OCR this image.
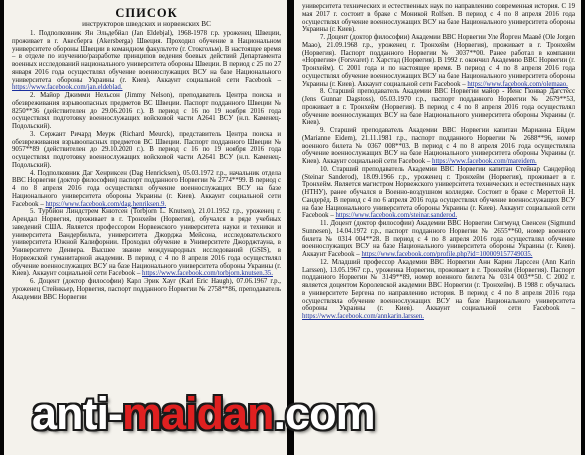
СПИСОК
инструкторов шведских и норвежских ВС

1. Подполковник Ян Эльдебйал (Jan Eldebjal), 1968-1978 г.р. уроженец Швеции, проживает в г. Акесберга (Akersberga) Швеция. Проходил обучение в Национальном университете обороны Швеции в командном факультете (г. Стокгольм). В настоящее время – в отделе по изучению/разработке принципов ведения боевых действий Департамента военных исследований национального университета обороны Швеции. В период с 25 по 27 января 2016 года осуществлял обучение военнослужащих ВСУ на базе Национального университета обороны Украины (г. Киев). Аккаунт социальной сети Facebook – https://www.facebook.com/jan.eldeblad.

2. Майор Джимми Нельсон (Jimmy Nelson), преподаватель Центра поиска и обезвреживания взрывоопасных предметов ВС Швеции. Паспорт подданного Швеции № 8250**36 (действителен до 29.06.2016 г.). В период с 16 по 19 ноября 2016 года осуществлял подготовку военнослужащих войсковой части А2641 ВСУ (н.п. Каменец-Подольский).

3. Сержант Ричард Меурк (Richard Meurck), представитель Центра поиска и обезвреживания взрывоопасных предметов ВС Швеции. Паспорт подданного Швеции № 9057**89 (действителен до 29.10.2020 г.). В период с 16 по 19 ноября 2016 года осуществлял подготовку военнослужащих войсковой части А2641 ВСУ (н.п. Каменец-Подольский).

4. Подполковник Даг Хенриксен (Dag Henricksen), 05.03.1972 г.р., начальник отдела ВВС Норвегии (доктор философии) паспорт подданного Норвегии № 2774**99. В период с 4 по 8 апреля 2016 года осуществлял обучение военнослужащих ВСУ на базе Национального университета обороны Украины (г. Киев). Аккаунт социальной сети Facebook – https://www.facebook.com/dag.henriksen.9.

5. Турбйон Линдстрем Кнютсен (Torbjorn L. Knutsen), 21.01.1952 г.р., уроженец г. Арендал Норвегия, проживает в г. Тронхейм (Норвегия), обучался в ряде учебных заведений США. Является профессором Норвежского университета науки и техники и университета Вандербильта, университета Джорджа Мейсона, исследовательского университета Южной Калифорнии. Проходил обучение в Университете Джорджтауна, в Университете Денвера. Высшее звание международных исследований (GSIS), в Норвежской гуманитарной академии. В период с 4 по 8 апреля 2016 года осуществлял обучение военнослужащих ВСУ на базе Национального университета обороны Украины (г. Киев). Аккаунт социальной сети Facebook – https://www.facebook.com/torbjorn.knutsen.35.

6. Доцент (доктор философии) Карл Эрик Хауг (Karl Eric Haugh), 07.06.1967 г.р., уроженец Стейнкьер, Норвегия, паспорт подданного Норвегии № 2758**86, преподаватель Академии ВВС Норвегии

университета технических и естественных наук по направлению современная история. С 19 мая 2017 г. состоит в браке с Моникой Rolfsen. В период с 4 по 8 апреля 2016 года осуществлял обучение военнослужащих ВСУ на базе Национального университета обороны Украины (г. Киев).

7. Доцент (доктор философии) Академии ВВС Норвегии Уле Йорген Маавё (Ole Jorgen Maao), 21.09.1968 г.р., уроженец г. Тронхейм (Норвегия), проживает в г. Тронхейм (Норвегия). Паспорт подданного Норвегии № 3037**00. Ранее работал в компании «Норвегия» (Forsvaret) г. Харстад (Норвегия). В 1992 г. окончил Академию ВВС Норвегии (г. Тронхейм). С 2001 года и по настоящее время. В период с 4 по 8 апреля 2016 года осуществлял обучение военнослужащих ВСУ на базе Национального университета обороны Украины (г. Киев). Аккаунт социальной сети Facebook – https://www.facebook.com/olemaao.

8. Старший преподаватель Академии ВВС Норвегии майор - Йенс Гюнвар Дагстёсс (Jens Gunnar Dagstoss), 05.03.1970 г.р., паспорт подданного Норвегии № 2679**53, проживает в г. Тронхейм (Норвегия). В период с 4 по 8 апреля 2016 года осуществлял обучение военнослужащих ВСУ на базе Национального университета обороны Украины (г. Киев).

9. Старший преподаватель Академии ВВС Норвегии капитан Марианна Ейдем (Marianne Eidem), 21.11.1981 г.р., паспорт подданного Норвегии № 2688**96, номер военного билета № 0367 008**03. В период с 4 по 8 апреля 2016 года осуществляла обучение военнослужащих ВСУ на базе Национального университета обороны Украины (г. Киев). Аккаунт социальной сети Facebook – https://www.facebook.com/mareidem.

10. Старший преподаватель Академии ВВС Норвегии капитан Стейнар Сандерйод (Steinar Sanderod), 18.09.1966 г.р., уроженец г. Тронхейм (Норвегия), проживает в г. Тронхейм. Является магистром Норвежского университета технических и естественных наук (НТНУ), ранее обучался в Военно-воздушном колледже. Состоит в браке с Мереттой Н. Сандерёд. В период с 4 по 6 апреля 2016 года осуществлял обучение военнослужащих ВСУ на базе Национального университета обороны Украины (г. Киев). Аккаунт социальной сети Facebook – https://www.facebook.com/steinar.sanderod.

11. Доцент (доктор философии) Академии ВВС Норвегии Сигмунд Свенсен (Sigmund Sunnesen), 14.04.1972 г.р., паспорт подданного Норвегии № 2655**60, номер военного билета № 0314 004**28. В период с 4 по 8 апреля 2016 года осуществлял обучение военнослужащих ВСУ на базе Национального университета обороны Украины (г. Киев). Аккаунт Facebook – https://www.facebook.com/profile.php?id=100009157749035.

12. Младший профессор Академии ВВС Норвегии Анн Карин Ларссен (Ann Karin Larssen), 13.05.1967 г.р., уроженка Норвегии, проживает в г. Тронхейм (Норвегия). Паспорт подданного Норвегии № 3149**89, номер военного билета № 0314 003**50. С 2002 г. является доцентом Королевской академии ВВС Норвегии (г. Тронхейм). В 1988 г. обучалась в университете Бергена по направлению история. В период с 4 по 8 апреля 2016 года осуществляла обучение военнослужащих ВСУ на базе Национального университета обороны Украины (г. Киев). Аккаунт социальной сети Facebook – https://www.facebook.com/annkarin.larssen.

anti-maidan.com
